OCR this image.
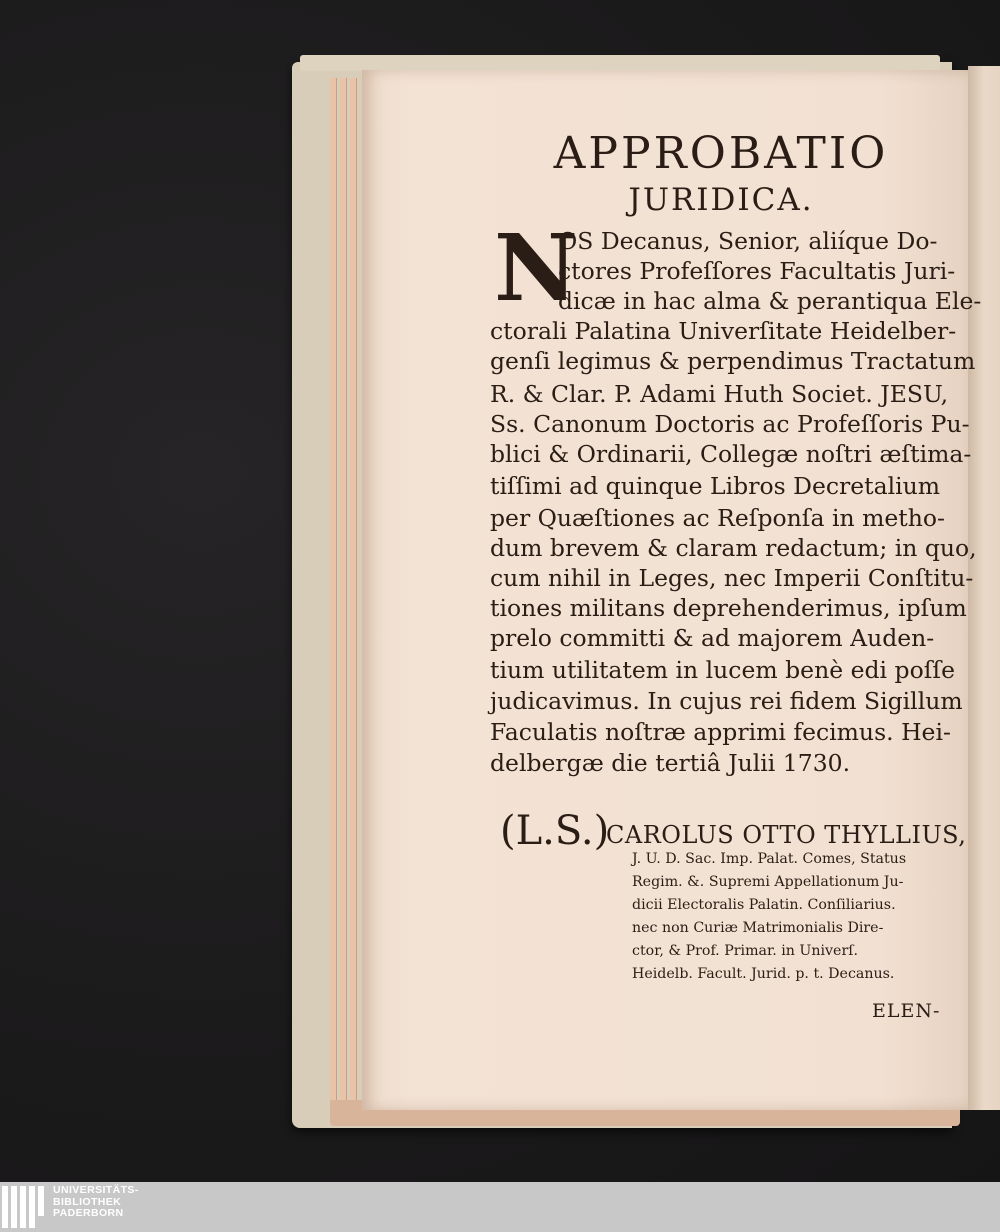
APPROBATIO
JURIDICA.
N
OS Decanus, Senior, aliíque Do-
ctores Profeſſores Facultatis Juri-
dicæ in hac alma & perantiqua Ele-
ctorali Palatina Univerſitate Heidelber-
genſi legimus & perpendimus Tractatum
R. & Clar. P. Adami Huth Societ. JESU,
Ss. Canonum Doctoris ac Profeſſoris Pu-
blici & Ordinarii, Collegæ noſtri æſtima-
tiſſimi ad quinque Libros Decretalium
per Quæſtiones ac Reſponſa in metho-
dum brevem & claram redactum; in quo,
cum nihil in Leges, nec Imperii Conſtitu-
tiones militans deprehenderimus, ipſum
prelo committi & ad majorem Auden-
tium utilitatem in lucem benè edi poſſe
judicavimus. In cujus rei fidem Sigillum
Faculatis noſtræ apprimi fecimus. Hei-
delbergæ die tertiâ Julii 1730.
(L.S.)
CAROLUS OTTO THYLLIUS,
J. U. D. Sac. Imp. Palat. Comes, Status
Regim. &. Supremi Appellationum Ju-
dicii Electoralis Palatin. Conſiliarius.
nec non Curiæ Matrimonialis Dire-
ctor, & Prof. Primar. in Univerſ.
Heidelb. Facult. Jurid. p. t. Decanus.
ELEN-
UNIVERSITÄTS-
BIBLIOTHEK
PADERBORN
